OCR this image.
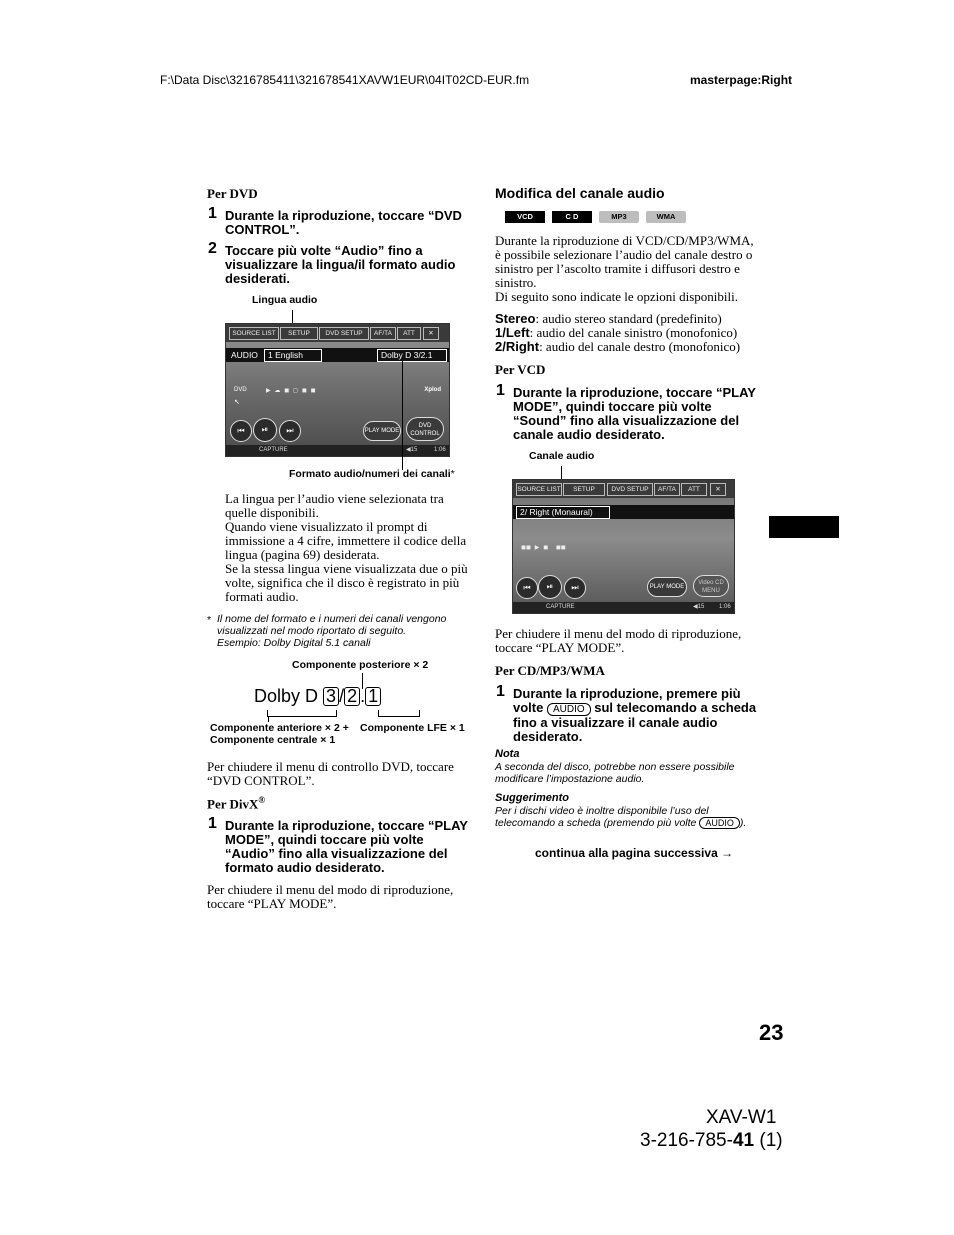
F:\Data Disc\3216785411\321678541XAVW1EUR\04IT02CD-EUR.fm	masterpage:Right
Per DVD
1 Durante la riproduzione, toccare “DVD CONTROL”.
2 Toccare più volte “Audio” fino a visualizzare la lingua/il formato audio desiderati.
Lingua audio
SOURCE LIST	SETUP	DVD SETUP	AF/TA	ATT	✕
AUDIO	1 English	Dolby D 3/2.1
DVD
↖
▶  ☁  ◼  ◻  ◼  ◼	Xplod
⏮	⏯	⏭	PLAY MODE
DVD CONTROL
CAPTURE	◀15	1:06
Formato audio/numeri dei canali*
La lingua per l’audio viene selezionata tra quelle disponibili.
Quando viene visualizzato il prompt di immissione a 4 cifre, immettere il codice della lingua (pagina 69) desiderata.
Se la stessa lingua viene visualizzata due o più volte, significa che il disco è registrato in più formati audio.
* Il nome del formato e i numeri dei canali vengono visualizzati nel modo riportato di seguito.
Esempio: Dolby Digital 5.1 canali
Componente posteriore × 2
Dolby D 3 / 2 . 1
Componente anteriore × 2 +
Componente centrale × 1
Componente LFE × 1
Per chiudere il menu di controllo DVD, toccare “DVD CONTROL”.
Per DivX®
1 Durante la riproduzione, toccare “PLAY MODE”, quindi toccare più volte “Audio” fino alla visualizzazione del formato audio desiderato.
Per chiudere il menu del modo di riproduzione, toccare “PLAY MODE”.
Modifica del canale audio
VCD	C D	MP3	WMA
Durante la riproduzione di VCD/CD/MP3/WMA, è possibile selezionare l’audio del canale destro o sinistro per l’ascolto tramite i diffusori destro e sinistro.
Di seguito sono indicate le opzioni disponibili.
Stereo: audio stereo standard (predefinito)
1/Left: audio del canale sinistro (monofonico)
2/Right: audio del canale destro (monofonico)
Per VCD
1 Durante la riproduzione, toccare “PLAY MODE”, quindi toccare più volte “Sound” fino alla visualizzazione del canale audio desiderato.
Canale audio
SOURCE LIST	SETUP	DVD SETUP	AF/TA	ATT	✕
2/ Right (Monaural)
◼◼  ▶  ◼    ◼◼
⏮	⏯	⏭	PLAY MODE
Video CD MENU
CAPTURE	◀15 1:06
Per chiudere il menu del modo di riproduzione, toccare “PLAY MODE”.
Per CD/MP3/WMA
1 Durante la riproduzione, premere più volte AUDIO sul telecomando a scheda fino a visualizzare il canale audio desiderato.
Nota
A seconda del disco, potrebbe non essere possibile modificare l’impostazione audio.
Suggerimento
Per i dischi video è inoltre disponibile l’uso del telecomando a scheda (premendo più volte AUDIO ).
continua alla pagina successiva →
23
XAV-W1
3-216-785-41 (1)
